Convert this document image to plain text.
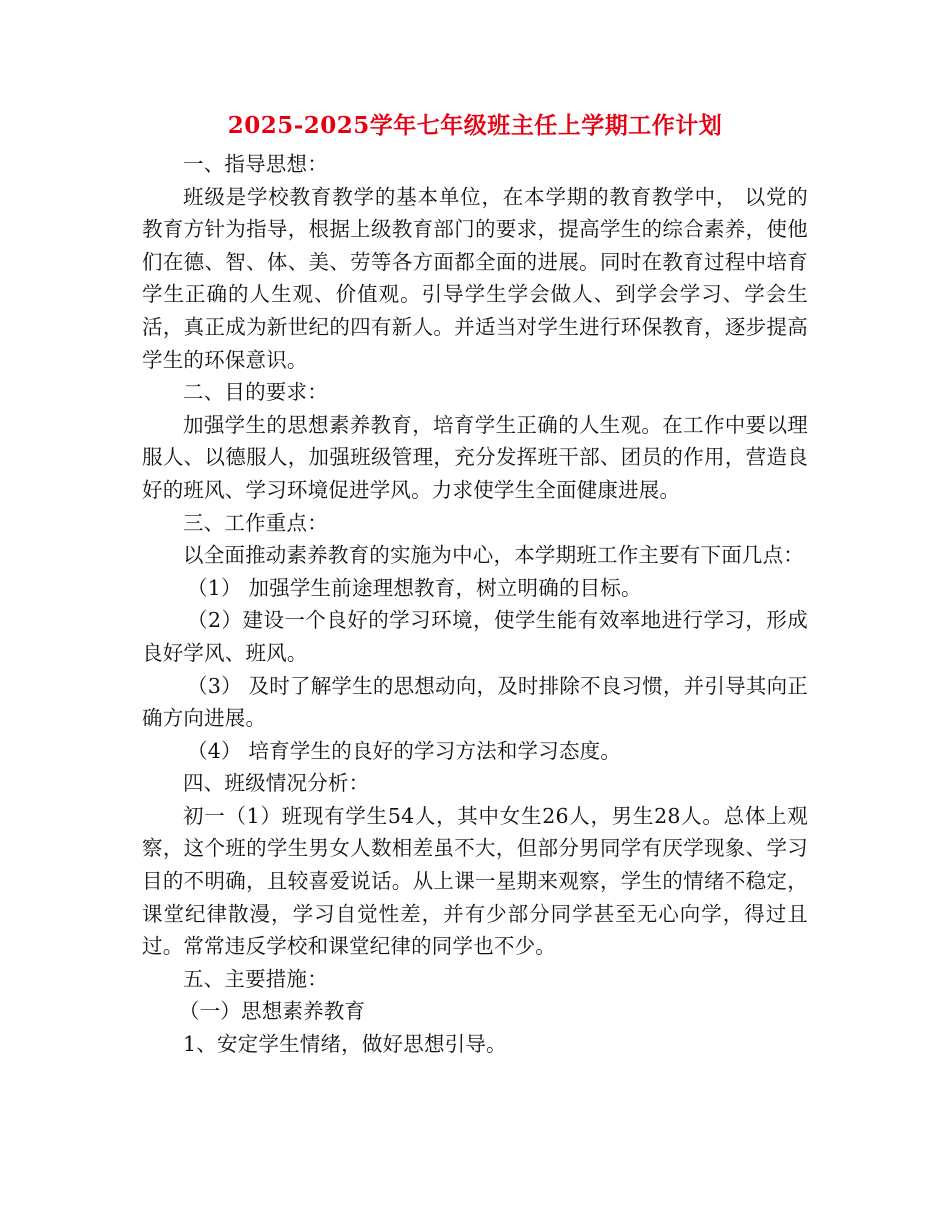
2025-2025学年七年级班主任上学期工作计划

一、指导思想：

班级是学校教育教学的基本单位，在本学期的教育教学中， 以党的教育方针为指导，根据上级教育部门的要求，提高学生的综合素养，使他们在德、智、体、美、劳等各方面都全面的进展。同时在教育过程中培育学生正确的人生观、价值观。引导学生学会做人、到学会学习、学会生活，真正成为新世纪的四有新人。并适当对学生进行环保教育，逐步提高学生的环保意识。

二、目的要求：

加强学生的思想素养教育，培育学生正确的人生观。在工作中要以理服人、以德服人，加强班级管理，充分发挥班干部、团员的作用，营造良好的班风、学习环境促进学风。力求使学生全面健康进展。

三、工作重点：

以全面推动素养教育的实施为中心，本学期班工作主要有下面几点：

（1） 加强学生前途理想教育，树立明确的目标。

（2）建设一个良好的学习环境，使学生能有效率地进行学习，形成良好学风、班风。

（3） 及时了解学生的思想动向，及时排除不良习惯，并引导其向正确方向进展。

（4） 培育学生的良好的学习方法和学习态度。

四、班级情况分析：

初一（1）班现有学生54人，其中女生26人，男生28人。总体上观察，这个班的学生男女人数相差虽不大，但部分男同学有厌学现象、学习目的不明确，且较喜爱说话。从上课一星期来观察，学生的情绪不稳定，课堂纪律散漫，学习自觉性差，并有少部分同学甚至无心向学，得过且过。常常违反学校和课堂纪律的同学也不少。

五、主要措施：

（一）思想素养教育

1、安定学生情绪，做好思想引导。
